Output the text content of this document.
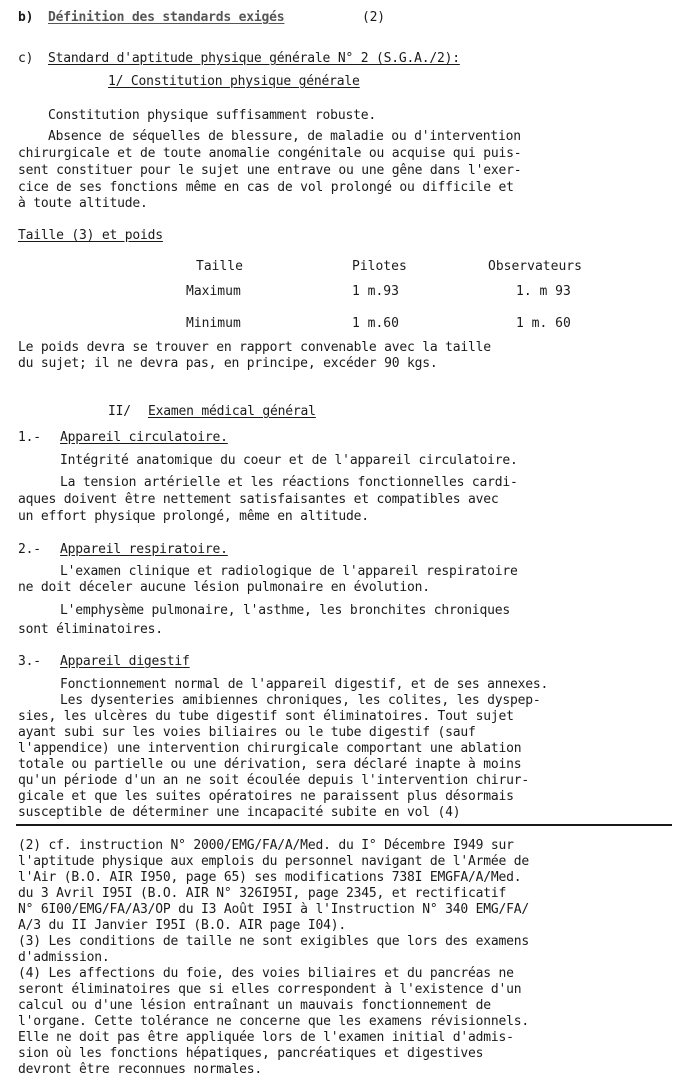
b) Définition des standards exigés	(2)
c) Standard d'aptitude physique générale N° 2 (S.G.A./2):
1/ Constitution physique générale
Constitution physique suffisamment robuste.
Absence de séquelles de blessure, de maladie ou d'intervention
chirurgicale et de toute anomalie congénitale ou acquise qui puis-
sent constituer pour le sujet une entrave ou une gêne dans l'exer-
cice de ses fonctions même en cas de vol prolongé ou difficile et
à toute altitude.
Taille (3) et poids
Taille	Pilotes	Observateurs
Maximum	1 m.93	1. m 93
Minimum	1 m.60	1 m. 60
Le poids devra se trouver en rapport convenable avec la taille
du sujet; il ne devra pas, en principe, excéder 90 kgs.
II/ Examen médical général
1.- Appareil circulatoire.
Intégrité anatomique du coeur et de l'appareil circulatoire.
La tension artérielle et les réactions fonctionnelles cardi-
aques doivent être nettement satisfaisantes et compatibles avec
un effort physique prolongé, même en altitude.
2.- Appareil respiratoire.
L'examen clinique et radiologique de l'appareil respiratoire
ne doit déceler aucune lésion pulmonaire en évolution.
L'emphysème pulmonaire, l'asthme, les bronchites chroniques
sont éliminatoires.
3.- Appareil digestif
Fonctionnement normal de l'appareil digestif, et de ses annexes.
Les dysenteries amibiennes chroniques, les colites, les dyspep-
sies, les ulcères du tube digestif sont éliminatoires. Tout sujet
ayant subi sur les voies biliaires ou le tube digestif (sauf
l'appendice) une intervention chirurgicale comportant une ablation
totale ou partielle ou une dérivation, sera déclaré inapte à moins
qu'un période d'un an ne soit écoulée depuis l'intervention chirur-
gicale et que les suites opératoires ne paraissent plus désormais
susceptible de déterminer une incapacité subite en vol (4)
(2) cf. instruction N° 2000/EMG/FA/A/Med. du I° Décembre I949 sur
l'aptitude physique aux emplois du personnel navigant de l'Armée de
l'Air (B.O. AIR I950, page 65) ses modifications 738I EMGFA/A/Med.
du 3 Avril I95I (B.O. AIR N° 326I95I, page 2345, et rectificatif
N° 6I00/EMG/FA/A3/OP du I3 Août I95I à l'Instruction N° 340 EMG/FA/
A/3 du II Janvier I95I (B.O. AIR page I04).
(3) Les conditions de taille ne sont exigibles que lors des examens
d'admission.
(4) Les affections du foie, des voies biliaires et du pancréas ne
seront éliminatoires que si elles correspondent à l'existence d'un
calcul ou d'une lésion entraînant un mauvais fonctionnement de
l'organe. Cette tolérance ne concerne que les examens révisionnels.
Elle ne doit pas être appliquée lors de l'examen initial d'admis-
sion où les fonctions hépatiques, pancréatiques et digestives
devront être reconnues normales.
